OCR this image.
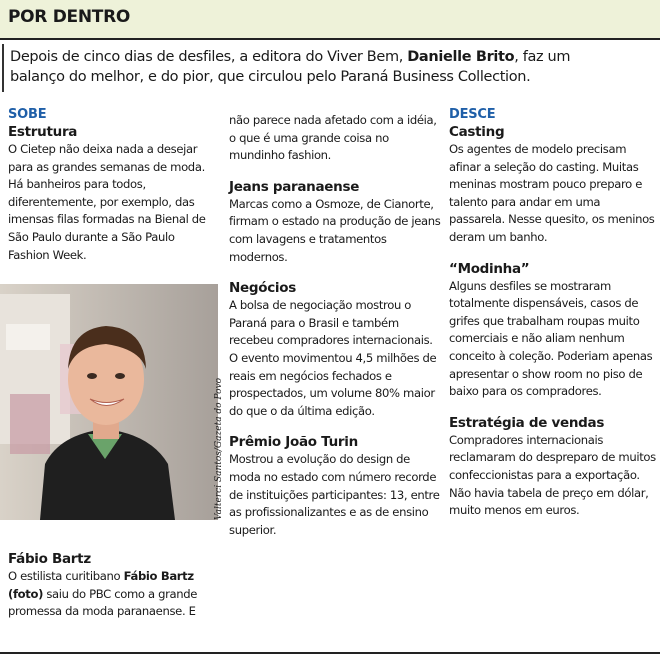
POR DENTRO
Depois de cinco dias de desfiles, a editora do Viver Bem, Danielle Brito, faz um balanço do melhor, e do pior, que circulou pelo Paraná Business Collection.
SOBE
Estrutura

O Cietep não deixa nada a desejar para as grandes semanas de moda. Há banheiros para todos, diferentemente, por exemplo, das imensas filas formadas na Bienal de São Paulo durante a São Paulo Fashion Week.

Valterci Santos/Gazeta do Povo
Fábio Bartz

O estilista curitibano Fábio Bartz (foto) saiu do PBC como a grande promessa da moda paranaense. E

não parece nada afetado com a idéia, o que é uma grande coisa no mundinho fashion.

Jeans paranaense

Marcas como a Osmoze, de Cianorte, firmam o estado na produção de jeans com lavagens e tratamentos modernos.

Negócios

A bolsa de negociação mostrou o Paraná para o Brasil e também recebeu compradores internacionais. O evento movimentou 4,5 milhões de reais em negócios fechados e prospectados, um volume 80% maior do que o da última edição.

Prêmio João Turin

Mostrou a evolução do design de moda no estado com número recorde de instituições participantes: 13, entre as profissionalizantes e as de ensino superior.

DESCE
Casting

Os agentes de modelo precisam afinar a seleção do casting. Muitas meninas mostram pouco preparo e talento para andar em uma passarela. Nesse quesito, os meninos deram um banho.

“Modinha”

Alguns desfiles se mostraram totalmente dispensáveis, casos de grifes que trabalham roupas muito comerciais e não aliam nenhum conceito à coleção. Poderiam apenas apresentar o show room no piso de baixo para os compradores.

Estratégia de vendas

Compradores internacionais reclamaram do despreparo de muitos confeccionistas para a exportação. Não havia tabela de preço em dólar, muito menos em euros.
